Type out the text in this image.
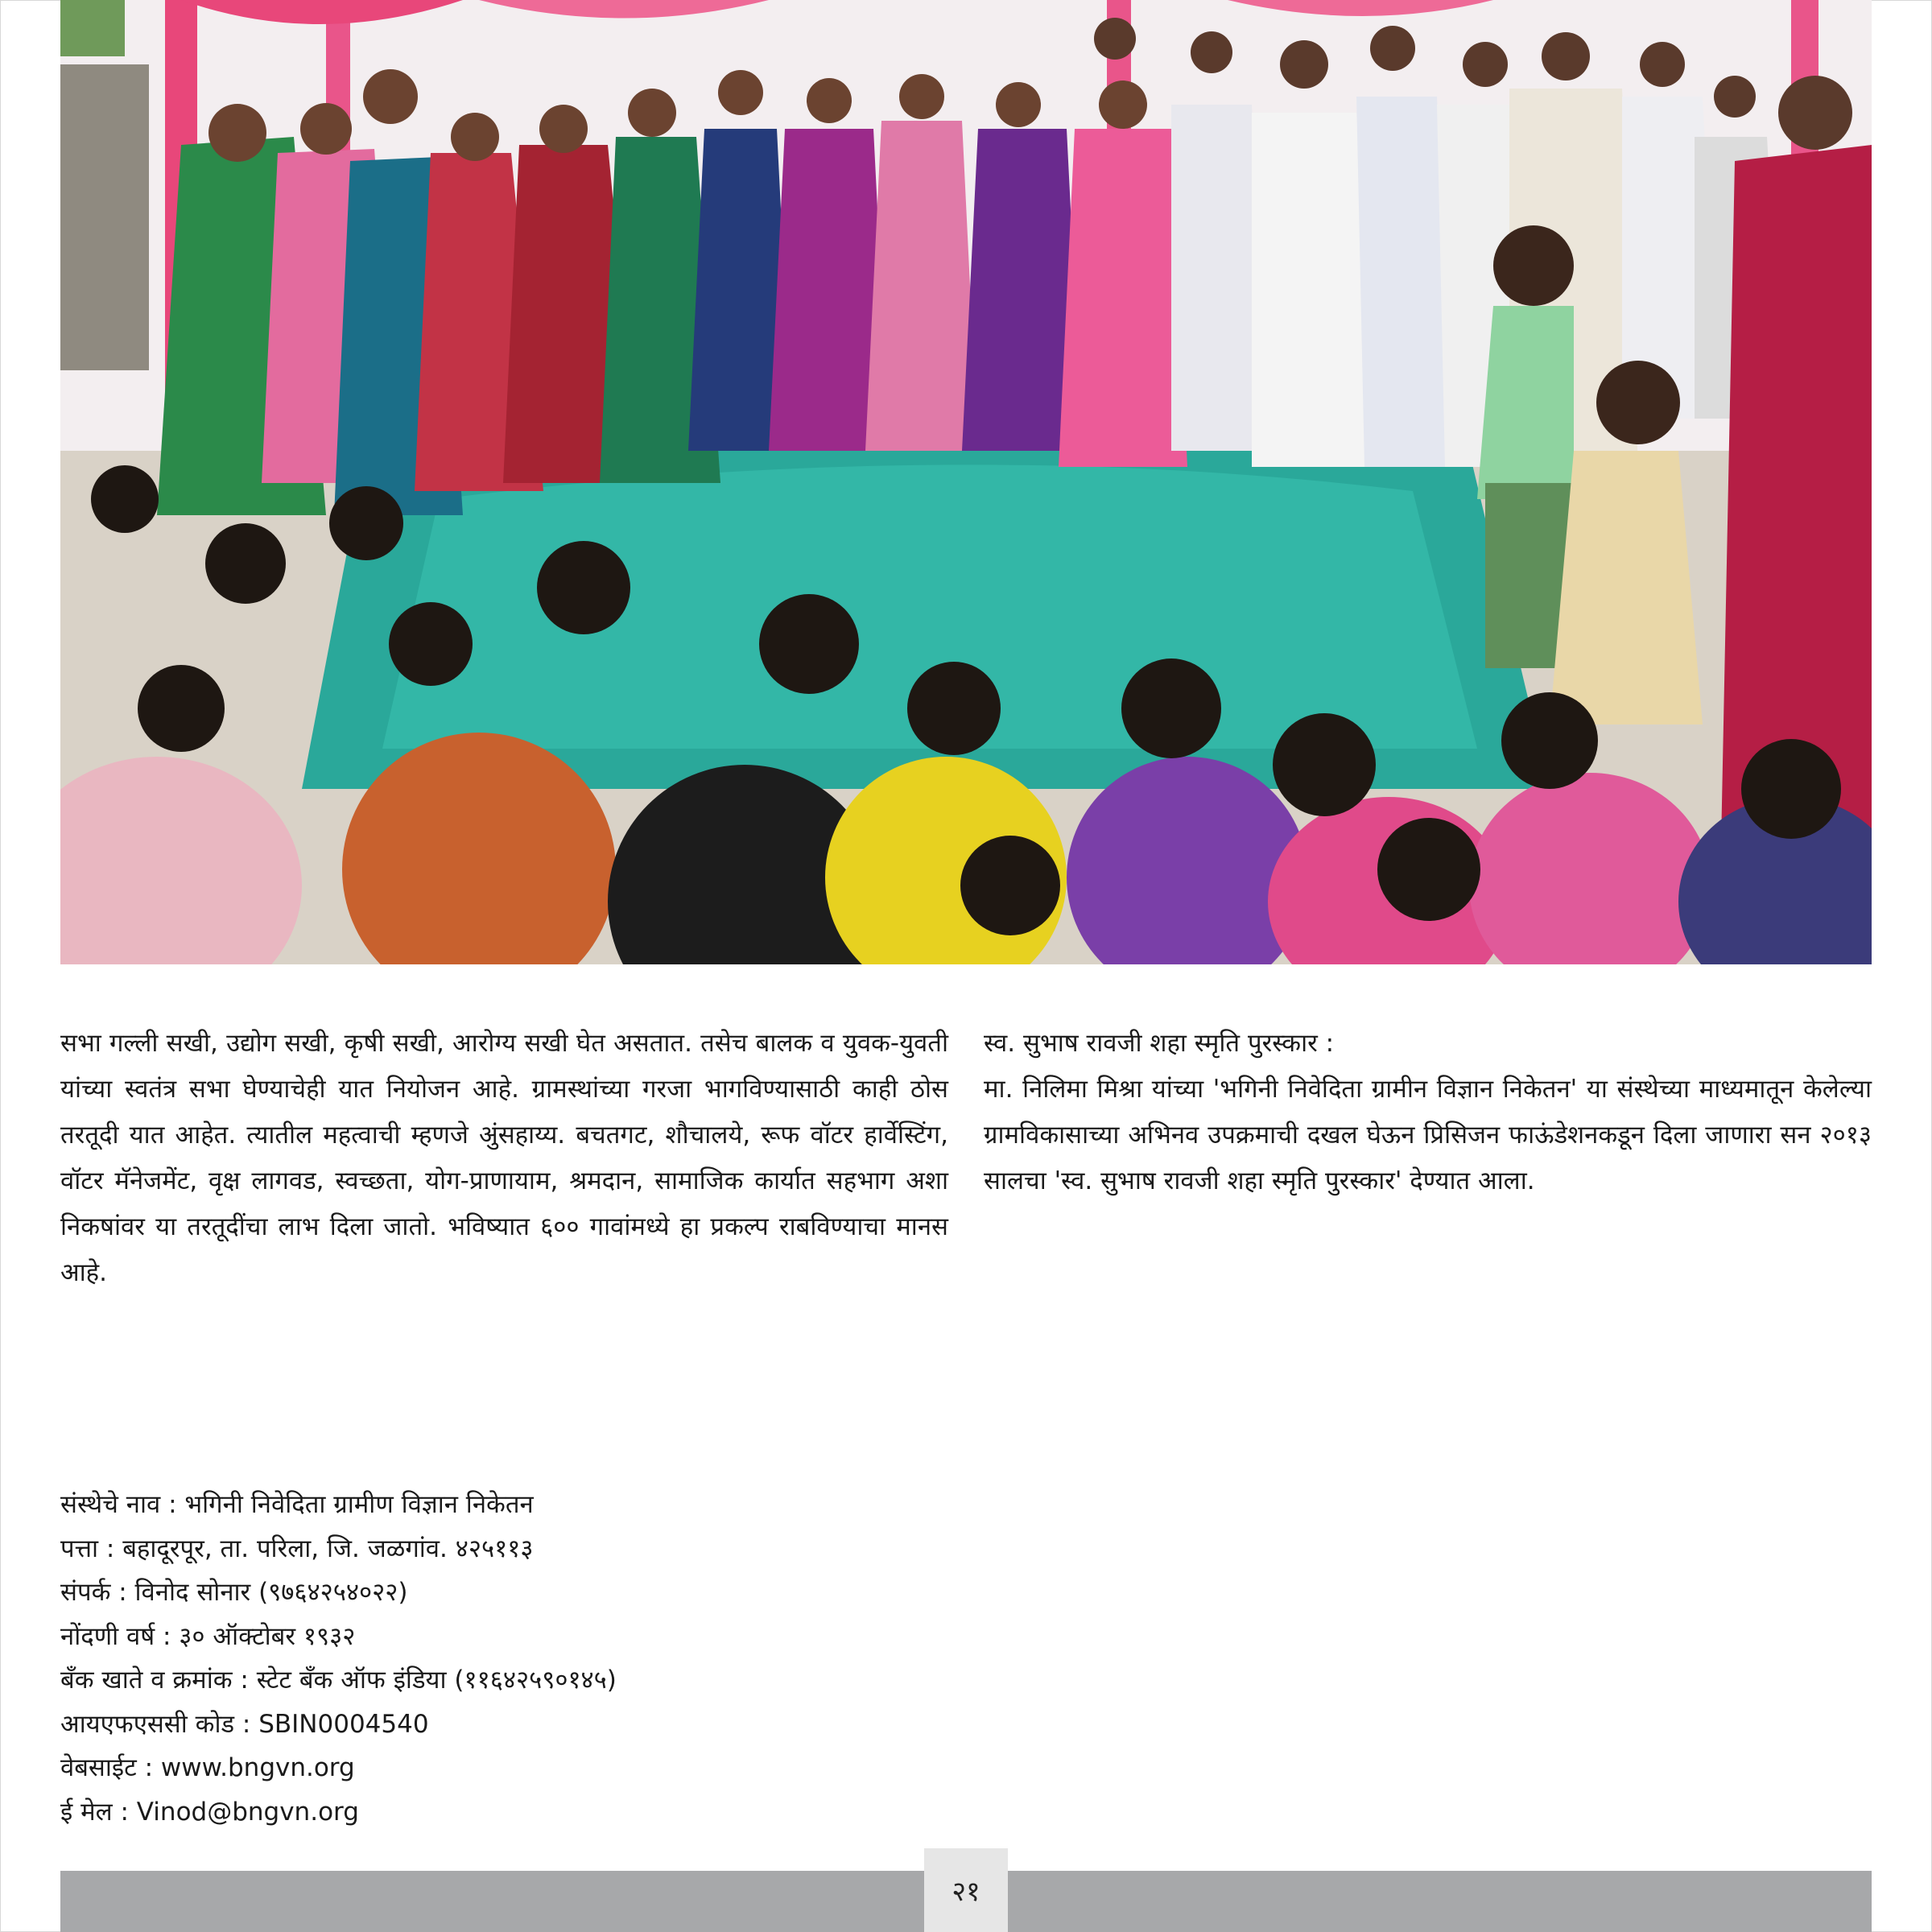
सभा गल्ली सखी, उद्योग सखी, कृषी सखी, आरोग्य सखी घेत असतात. तसेच बालक व युवक-युवती यांच्या स्वतंत्र सभा घेण्याचेही यात नियोजन आहे. ग्रामस्थांच्या गरजा भागविण्यासाठी काही ठोस तरतूदी यात आहेत. त्यातील महत्वाची म्हणजे अुंसहाय्य. बचतगट, शौचालये, रूफ वॉटर हार्वेस्टिंग, वॉटर मॅनेजमेंट, वृक्ष लागवड, स्वच्छता, योग-प्राणायाम, श्रमदान, सामाजिक कार्यात सहभाग अशा निकषांवर या तरतूदींचा लाभ दिला जातो. भविष्यात ६०० गावांमध्ये हा प्रकल्प राबविण्याचा मानस आहे.

स्व. सुभाष रावजी शहा स्मृति पुरस्कार :

मा. निलिमा मिश्रा यांच्या 'भगिनी निवेदिता ग्रामीन विज्ञान निकेतन' या संस्थेच्या माध्यमातून केलेल्या ग्रामविकासाच्या अभिनव उपक्रमाची दखल घेऊन प्रिसिजन फाऊंडेशनकडून दिला जाणारा सन २०१३ सालचा 'स्व. सुभाष रावजी शहा स्मृति पुरस्कार' देण्यात आला.

संस्थेचे नाव : भगिनी निवेदिता ग्रामीण विज्ञान निकेतन
पत्ता : बहादूरपूर, ता. परिला, जि. जळगांव. ४२५११३
संपर्क : विनोद सोनार (९७६४२५४०२२)
नोंदणी वर्ष : ३० ऑक्टोबर १९३२
बँक खाते व क्रमांक : स्टेट बँक ऑफ इंडिया (११६४२५९०१४५)
आयएफएससी कोड : SBIN0004540
वेबसाईट : www.bngvn.org
ई मेल : Vinod@bngvn.org
२१
